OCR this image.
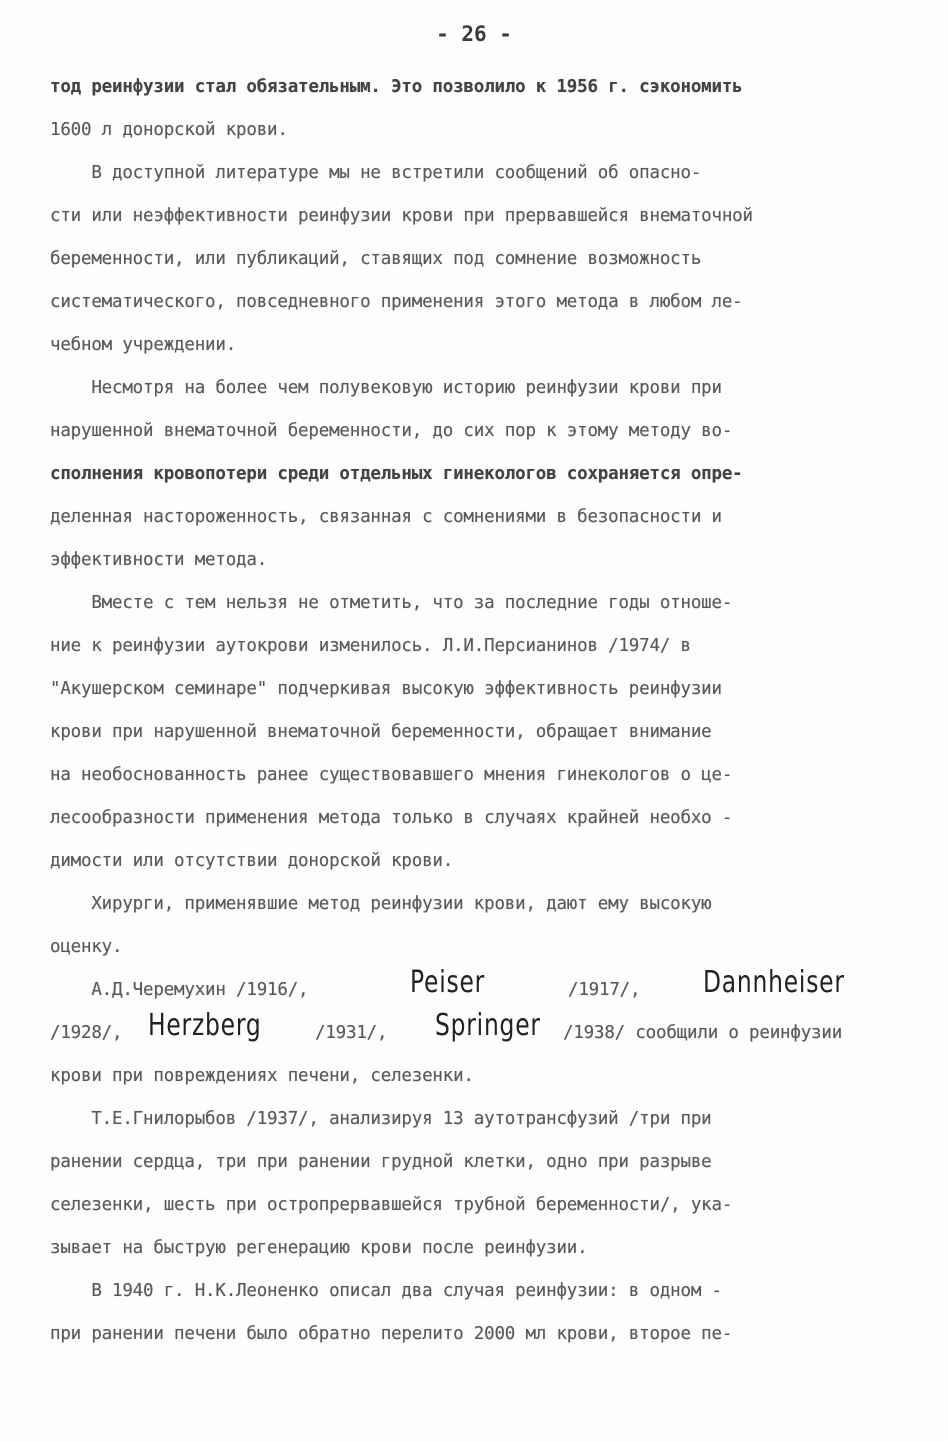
- 26 -

тод реинфузии стал обязательным. Это позволило к 1956 г. сэкономить

1600 л донорской крови.

В доступной литературе мы не встретили сообщений об опасно-

сти или неэффективности реинфузии крови при прервавшейся внематочной

беременности, или публикаций, ставящих под сомнение возможность

систематического, повседневного применения этого метода в любом ле-

чебном учреждении.

Несмотря на более чем полувековую историю реинфузии крови при

нарушенной внематочной беременности, до сих пор к этому методу во-

сполнения кровопотери среди отдельных гинекологов сохраняется опре-

деленная настороженность, связанная с сомнениями в безопасности и

эффективности метода.

Вместе с тем нельзя не отметить, что за последние годы отноше-

ние к реинфузии аутокрови изменилось. Л.И.Персианинов /1974/ в

"Акушерском семинаре" подчеркивая высокую эффективность реинфузии

крови при нарушенной внематочной беременности, обращает внимание

на необоснованность ранее существовавшего мнения гинекологов о це-

лесообразности применения метода только в случаях крайней необхо -

димости или отсутствии донорской крови.

Хирурги, применявшие метод реинфузии крови, дают ему высокую

оценку.

А.Д.Черемухин /1916/,	Peiser	/1917/, Dannheiser

/1928/, Herzberg	/1931/, Springer /1938/ сообщили о реинфузии

крови при повреждениях печени, селезенки.

Т.Е.Гнилорыбов /1937/, анализируя 13 аутотрансфузий /три при

ранении сердца, три при ранении грудной клетки, одно при разрыве

селезенки, шесть при остропрервавшейся трубной беременности/, ука-

зывает на быструю регенерацию крови после реинфузии.

В 1940 г. Н.К.Леоненко описал два случая реинфузии: в одном -

при ранении печени было обратно перелито 2000 мл крови, второе пе-
